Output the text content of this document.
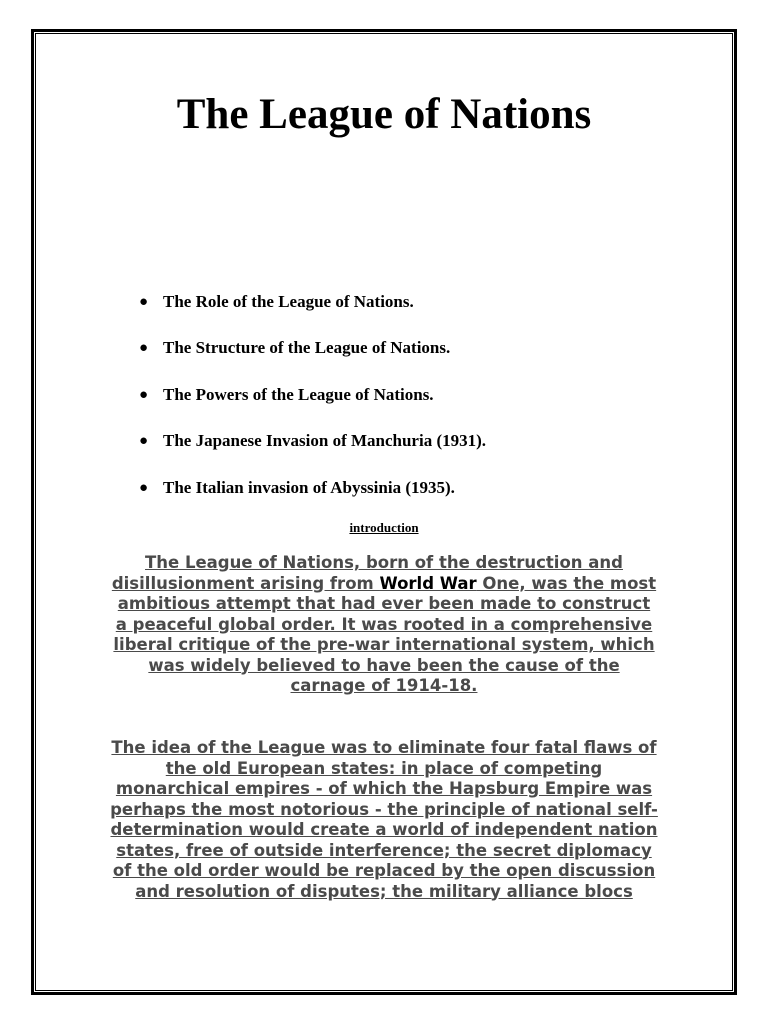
The League of Nations
● The Role of the League of Nations.
● The Structure of the League of Nations.
● The Powers of the League of Nations.
● The Japanese Invasion of Manchuria (1931).
● The Italian invasion of Abyssinia (1935).

introduction

The League of Nations, born of the destruction and disillusionment arising from World War One, was the most ambitious attempt that had ever been made to construct a peaceful global order. It was rooted in a comprehensive liberal critique of the pre-war international system, which was widely believed to have been the cause of the carnage of 1914-18.

The idea of the League was to eliminate four fatal flaws of the old European states: in place of competing monarchical empires - of which the Hapsburg Empire was perhaps the most notorious - the principle of national self-determination would create a world of independent nation states, free of outside interference; the secret diplomacy of the old order would be replaced by the open discussion and resolution of disputes; the military alliance blocs
